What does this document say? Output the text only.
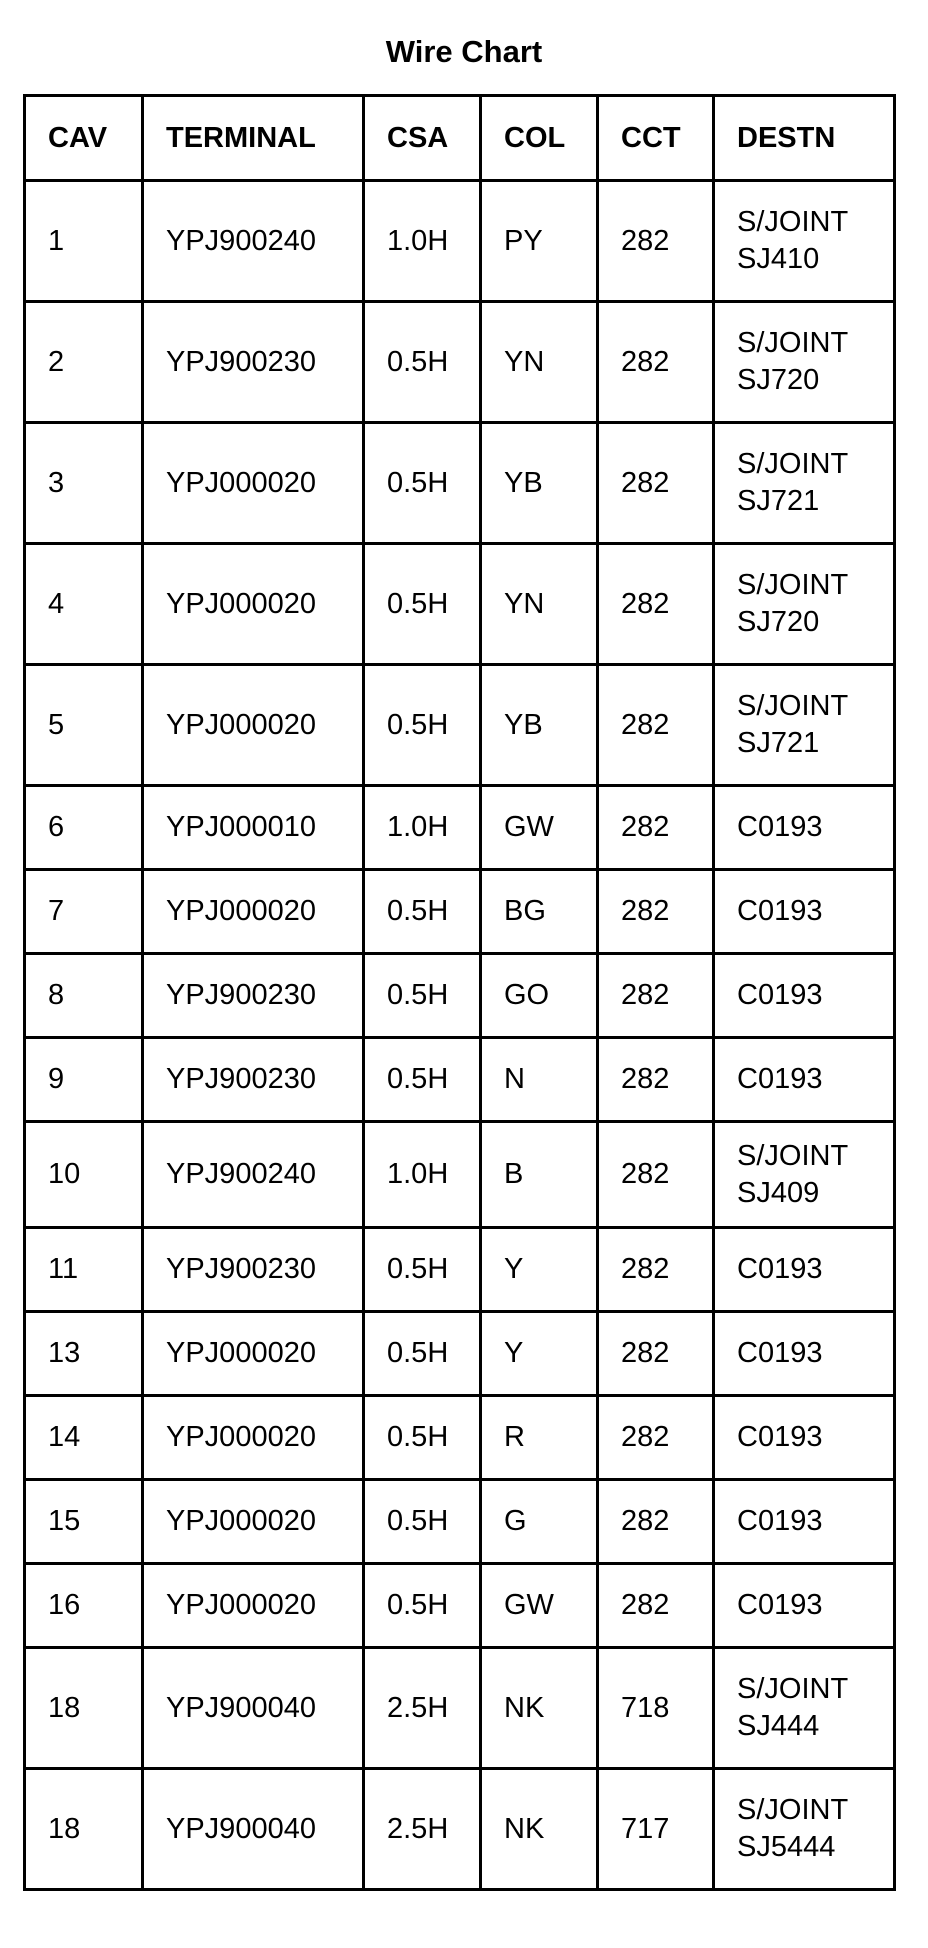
Wire Chart
CAV	TERMINAL	CSA	COL	CCT	DESTN
1	YPJ900240	1.0H	PY	282	S/JOINT
SJ410

2	YPJ900230	0.5H	YN	282	S/JOINT
SJ720

3	YPJ000020	0.5H	YB	282	S/JOINT
SJ721

4	YPJ000020	0.5H	YN	282	S/JOINT
SJ720

5	YPJ000020	0.5H	YB	282	S/JOINT
SJ721

6	YPJ000010	1.0H	GW	282	C0193

7	YPJ000020	0.5H	BG	282	C0193

8	YPJ900230	0.5H	GO	282	C0193

9	YPJ900230	0.5H	N	282	C0193

10	YPJ900240	1.0H	B	282	S/JOINT
SJ409

11	YPJ900230	0.5H	Y	282	C0193

13	YPJ000020	0.5H	Y	282	C0193

14	YPJ000020	0.5H	R	282	C0193

15	YPJ000020	0.5H	G	282	C0193

16	YPJ000020	0.5H	GW	282	C0193

18	YPJ900040	2.5H	NK	718	S/JOINT
SJ444

18	YPJ900040	2.5H	NK	717	S/JOINT
SJ5444
